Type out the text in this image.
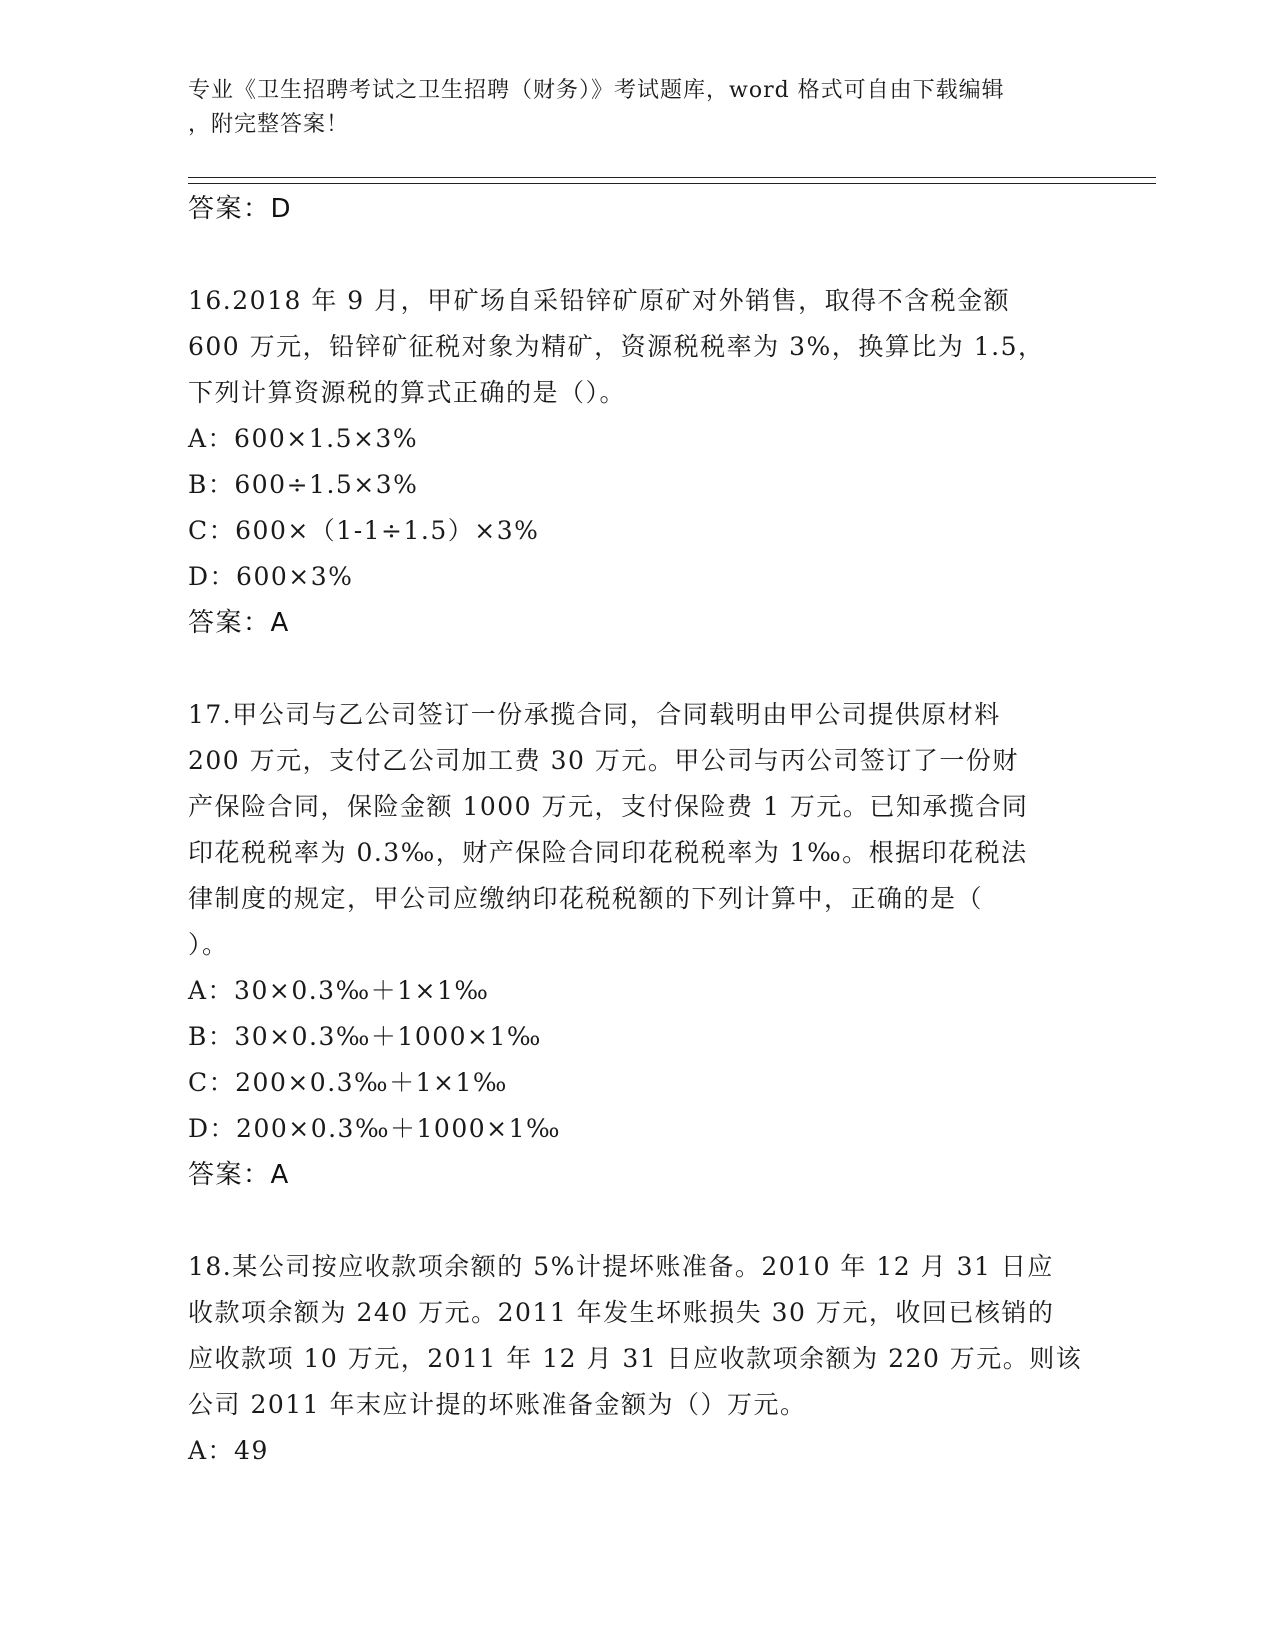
专业《卫生招聘考试之卫生招聘（财务）》考试题库，word 格式可自由下载编辑
，附完整答案！

答案：D

16.2018 年 9 月，甲矿场自采铅锌矿原矿对外销售，取得不含税金额
600 万元，铅锌矿征税对象为精矿，资源税税率为 3%，换算比为 1.5，
下列计算资源税的算式正确的是（）。
A：600×1.5×3%
B：600÷1.5×3%
C：600×（1-1÷1.5）×3%
D：600×3%

答案：A

17.甲公司与乙公司签订一份承揽合同，合同载明由甲公司提供原材料
200 万元，支付乙公司加工费 30 万元。甲公司与丙公司签订了一份财
产保险合同，保险金额 1000 万元，支付保险费 1 万元。已知承揽合同
印花税税率为 0.3‰，财产保险合同印花税税率为 1‰。根据印花税法
律制度的规定，甲公司应缴纳印花税税额的下列计算中，正确的是（
）。
A：30×0.3‰＋1×1‰
B：30×0.3‰＋1000×1‰
C：200×0.3‰＋1×1‰
D：200×0.3‰＋1000×1‰

答案：A

18.某公司按应收款项余额的 5%计提坏账准备。2010 年 12 月 31 日应
收款项余额为 240 万元。2011 年发生坏账损失 30 万元，收回已核销的
应收款项 10 万元，2011 年 12 月 31 日应收款项余额为 220 万元。则该
公司 2011 年末应计提的坏账准备金额为（）万元。
A：49
